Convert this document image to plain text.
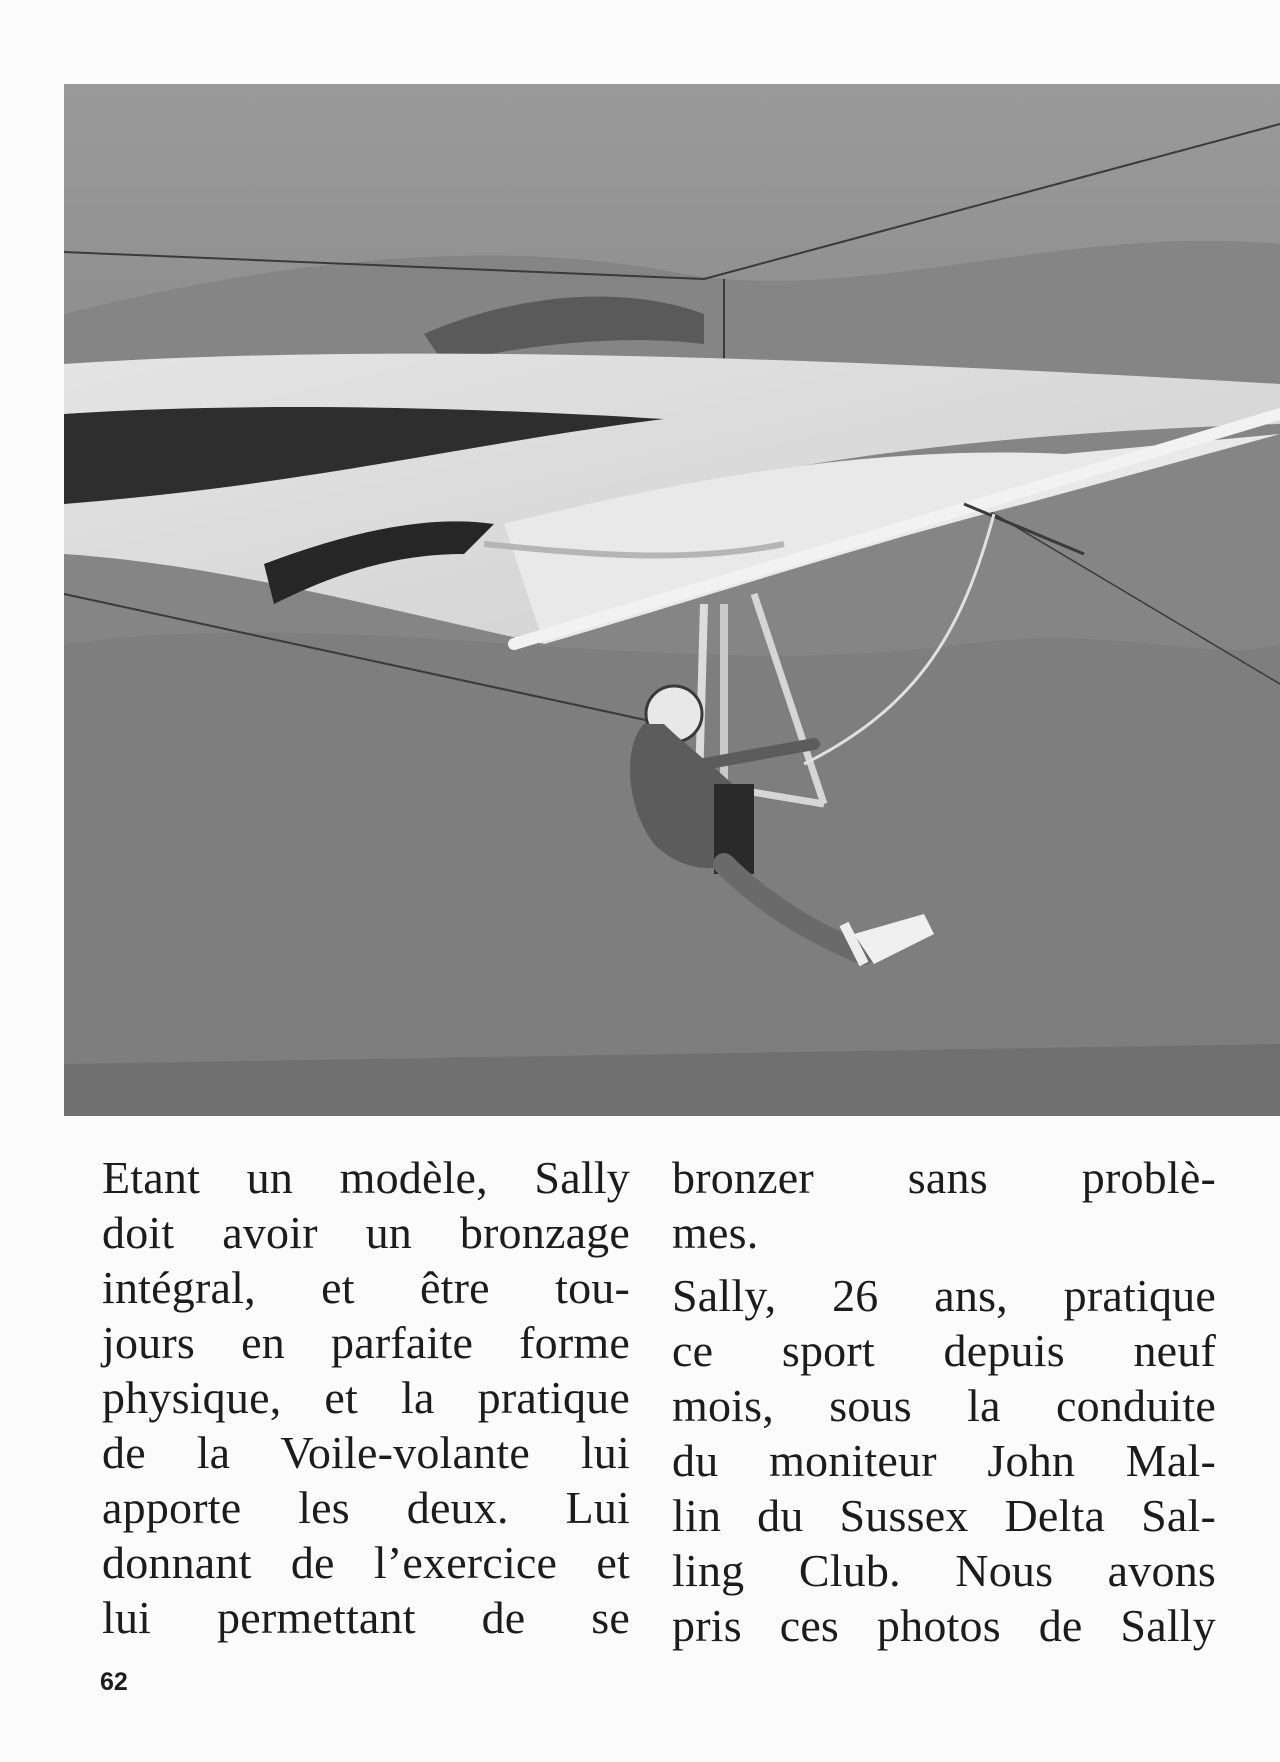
Etant un modèle, Sally
doit avoir un bronzage
intégral, et être tou-
jours en parfaite forme
physique, et la pratique
de la Voile-volante lui
apporte les deux. Lui
donnant de l’exercice et
lui permettant de se

bronzer sans problè-
mes.

Sally, 26 ans, pratique
ce sport depuis neuf
mois, sous la conduite
du moniteur John Mal-
lin du Sussex Delta Sal-
ling Club. Nous avons
pris ces photos de Sally

62
